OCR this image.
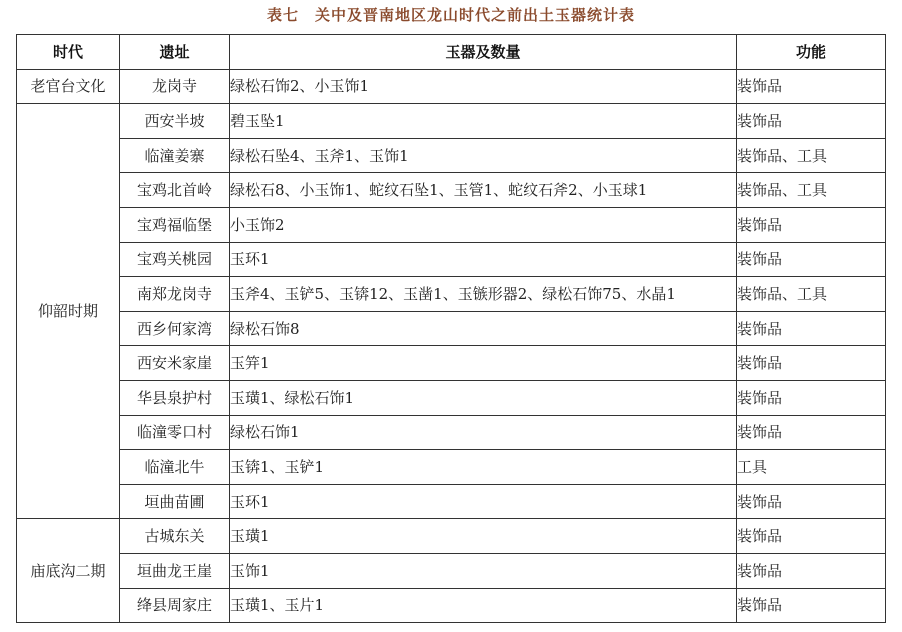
表七　关中及晋南地区龙山时代之前出土玉器统计表
时代	遗址	玉器及数量	功能
老官台文化	龙岗寺	绿松石饰2、小玉饰1	装饰品
仰韶时期	西安半坡	碧玉坠1	装饰品
	临潼姜寨	绿松石坠4、玉斧1、玉饰1	装饰品、工具
	宝鸡北首岭	绿松石8、小玉饰1、蛇纹石坠1、玉管1、蛇纹石斧2、小玉球1	装饰品、工具
	宝鸡福临堡	小玉饰2	装饰品
	宝鸡关桃园	玉环1	装饰品
	南郑龙岗寺	玉斧4、玉铲5、玉锛12、玉凿1、玉镞形器2、绿松石饰75、水晶1	装饰品、工具
	西乡何家湾	绿松石饰8	装饰品
	西安米家崖	玉笄1	装饰品
	华县泉护村	玉璜1、绿松石饰1	装饰品
	临潼零口村	绿松石饰1	装饰品
	临潼北牛	玉锛1、玉铲1	工具
	垣曲苗圃	玉环1	装饰品
庙底沟二期	古城东关	玉璜1	装饰品
	垣曲龙王崖	玉饰1	装饰品
	绛县周家庄	玉璜1、玉片1	装饰品
